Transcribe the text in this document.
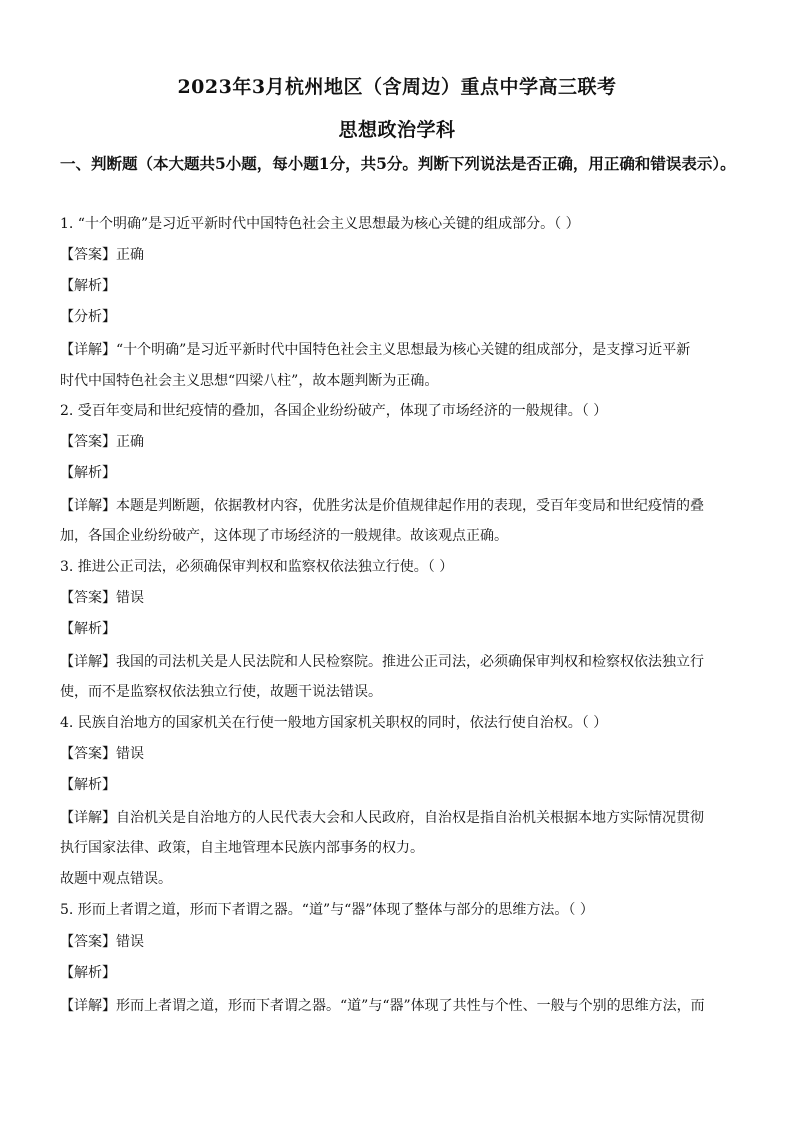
2023年3月杭州地区（含周边）重点中学高三联考
思想政治学科
一、判断题（本大题共5小题，每小题1分，共5分。判断下列说法是否正确，用正确和错误表示）。
1. “十个明确”是习近平新时代中国特色社会主义思想最为核心关键的组成部分。（ ）
【答案】正确
【解析】
【分析】
【详解】“十个明确”是习近平新时代中国特色社会主义思想最为核心关键的组成部分，是支撑习近平新
时代中国特色社会主义思想“四梁八柱”，故本题判断为正确。
2. 受百年变局和世纪疫情的叠加，各国企业纷纷破产，体现了市场经济的一般规律。（ ）
【答案】正确
【解析】
【详解】本题是判断题，依据教材内容，优胜劣汰是价值规律起作用的表现，受百年变局和世纪疫情的叠
加，各国企业纷纷破产，这体现了市场经济的一般规律。故该观点正确。
3. 推进公正司法，必须确保审判权和监察权依法独立行使。（ ）
【答案】错误
【解析】
【详解】我国的司法机关是人民法院和人民检察院。推进公正司法，必须确保审判权和检察权依法独立行
使，而不是监察权依法独立行使，故题干说法错误。
4. 民族自治地方的国家机关在行使一般地方国家机关职权的同时，依法行使自治权。（ ）
【答案】错误
【解析】
【详解】自治机关是自治地方的人民代表大会和人民政府，自治权是指自治机关根据本地方实际情况贯彻
执行国家法律、政策，自主地管理本民族内部事务的权力。
故题中观点错误。
5. 形而上者谓之道，形而下者谓之器。“道”与“器”体现了整体与部分的思维方法。（ ）
【答案】错误
【解析】
【详解】形而上者谓之道，形而下者谓之器。“道”与“器”体现了共性与个性、一般与个别的思维方法，而
